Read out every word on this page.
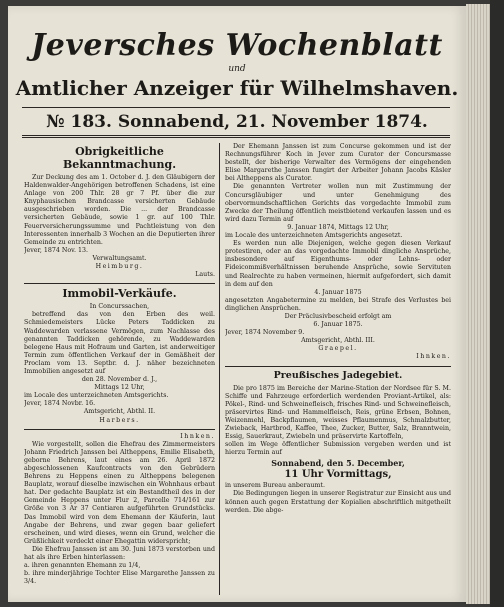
Jeversches Wochenblatt
und
Amtlicher Anzeiger für Wilhelmshaven.
№ 183. Sonnabend, 21. November 1874.
Obrigkeitliche Bekanntmachung.

Zur Deckung des am 1. October d. J. den Gläubigern der Haldenwalder-Angehörigen betroffenen Schadens, ist eine Anlage von 200 Thlr. 28 gr 7 Pf. über die zur Knyphausischen Brandcasse versicherten Gebäude ausgeschrieben worden. Die ... der Brandcasse versicherten Gebäude, sowie 1 gr. auf 100 Thlr. Feuerversicherungssumme und Pachtleistung von den Interessenten innerhalb 3 Wochen an die Deputierten ihrer Gemeinde zu entrichten.

Jever, 1874 Nov. 13.

Verwaltungsamt.

Heimburg.

Lauts.

Immobil-Verkäufe.

In Concurssachen,

betreffend das von den Erben des weil. Schmiedemeisters Lücke Peters Taddicken zu Waddewarden verlassene Vermögen, zum Nachlasse des genannten Taddicken gehörende, zu Waddewarden belegene Haus mit Hofraum und Garten, ist anderweitiger Termin zum öffentlichen Verkauf der in Gemäßheit der Proclam vom 13. Septbr. d. J. näher bezeichneten Immobilien angesetzt auf

den 28. November d. J.,

Mittags 12 Uhr,

im Locale des unterzeichneten Amtsgerichts.

Jever, 1874 Novbr. 16.

Amtsgericht, Abthl. II.

Harbers.

Ihnken.

Wie vorgestellt, sollen die Ehefrau des Zimmermeisters Johann Friedrich Janssen bei Altheppens, Emilie Elisabeth, geborne Behrens, laut eines am 26. April 1872 abgeschlossenen Kaufcontracts von den Gebrüdern Behrens zu Heppens einen zu Altheppens belegenen Bauplatz, worauf dieselbe inzwischen ein Wohnhaus erbaut hat. Der gedachte Bauplatz ist ein Bestandtheil des in der Gemeinde Heppens unter Flur 2, Parcelle 714/161 zur Größe von 3 Ar 37 Centiaren aufgeführten Grundstücks. Das Immobil wird von dem Ehemann der Käuferin, laut Angabe der Behrens, und zwar gegen baar geliefert erscheinen, und wird dieses, wenn ein Grund, welcher die Grüßlichkeit verdeckt einer Ehegattin widerspricht;

Die Ehefrau Janssen ist am 30. Juni 1873 verstorben und hat als ihre Erben hinterlassen:

a. ihren genannten Ehemann zu 1/4,

b. ihre minderjährige Tochter Elise Margarethe Janssen zu 3/4.

Der Ehemann Janssen ist zum Concurse gekommen und ist der Rechnungsführer Koch in Jever zum Curator der Concursmasse bestellt, der bisherige Verwalter des Vermögens der eingehenden Elise Margarethe Janssen fungirt der Arbeiter Johann Jacobs Käsler bei Altheppens als Curator.

Die genannten Vertreter wollen nun mit Zustimmung der Concursgläubiger und unter Genehmigung des obervormundschaftlichen Gerichts das vorgedachte Immobil zum Zwecke der Theilung öffentlich meistbietend verkaufen lassen und es wird dazu Termin auf

9. Januar 1874, Mittags 12 Uhr,

im Locale des unterzeichneten Amtsgerichts angesetzt.

Es werden nun alle Diejenigen, welche gegen diesen Verkauf protestiren, oder an das vorgedachte Immobil dingliche Ansprüche, insbesondere auf Eigenthums- oder Lehns- oder Fideicommißverhältnissen beruhende Ansprüche, sowie Servituten und Realrechte zu haben vermeinen, hiermit aufgefordert, sich damit in dem auf den

4. Januar 1875

angesetzten Angabetermine zu melden, bei Strafe des Verlustes bei dinglichen Ansprüchen.

Der Präclusivbescheid erfolgt am

6. Januar 1875.

Jever, 1874 November 9.

Amtsgericht, Abthl. III.

Graepel.

Ihnken.

Preußisches Jadegebiet.

Die pro 1875 im Bereiche der Marine-Station der Nordsee für S. M. Schiffe und Fahrzeuge erforderlich werdenden Proviant-Artikel, als: Pökel-, Rind- und Schweinefleisch, frisches Rind- und Schweinefleisch, präservirtes Rind- und Hammelfleisch, Reis, grüne Erbsen, Bohnen, Weizenmehl, Backpflaumen, weisses Pflaumenmus, Schmalzbutter, Zwieback, Hartbrod, Kaffee, Thee, Zucker, Butter, Salz, Branntwein, Essig, Sauerkraut, Zwiebeln und präservirte Kartoffeln,

sollen im Wege öffentlicher Submission vergeben werden und ist hierzu Termin auf

Sonnabend, den 5. December,

11 Uhr Vormittags,

in unserem Bureau anberaumt.

Die Bedingungen liegen in unserer Registratur zur Einsicht aus und können auch gegen Erstattung der Kopialien abschriftlich mitgetheilt werden. Die abge-
